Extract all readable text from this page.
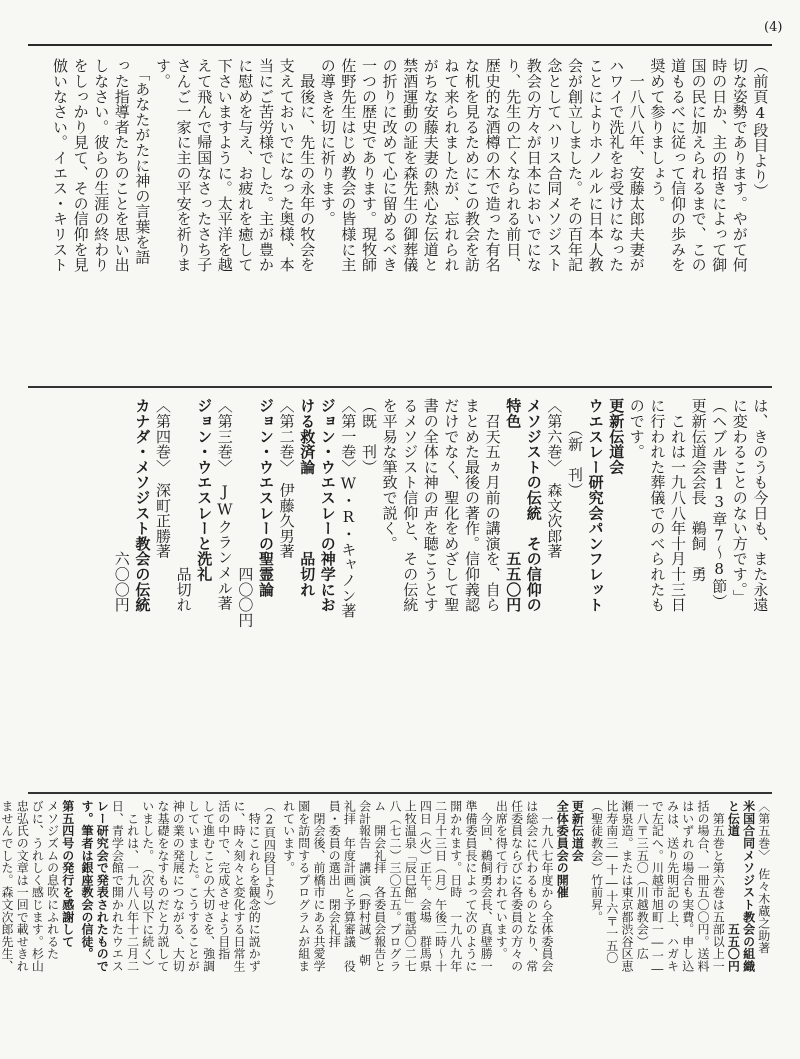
(4)
（前頁4段目より）
切な姿勢であります。やがて何
時の日か、主の招きによって御
国の民に加えられるまで、この
道もるべに従って信仰の歩みを
奨めて参りましょう。
　一八八八年、安藤太郎夫妻が
ハワイで洗礼をお受けになった
ことによりホノルルに日本人教
会が創立しました。その百年記
念としてハリス合同メソジスト
教会の方々が日本においでにな
り、先生の亡くなられる前日、
歴史的な酒樽の木で造った有名
な机を見るためにこの教会を訪
ねて来られましたが、忘れられ
がちな安藤夫妻の熱心な伝道と
禁酒運動の証を森先生の御葬儀
の折りに改めて心に留めるべき
一つの歴史であります。現牧師
佐野先生はじめ教会の皆様に主
の導きを切に祈ります。
　最後に、先生の永年の牧会を
支えておいでになった奥様、本
当にご苦労様でした。主が豊か
に慰めを与え、お疲れを癒して
下さいますように。太平洋を越
えて飛んで帰国なさったさち子
さんご一家に主の平安を祈りま
す。
　「あなたがたに神の言葉を語
った指導者たちのことを思い出
しなさい。彼らの生涯の終わり
をしっかり見て、その信仰を見
倣いなさい。イエス・キリスト
は、きのうも今日も、また永遠
に変わることのない方です。」
（ヘブル書13章7～8節）
更新伝道会会長　鵜飼　勇
　これは一九八八年十月十三日
に行われた葬儀でのべられたも
のです。
更新伝道会
ウエスレー研究会パンフレット
　　（新　刊）
〈第六巻〉　森文次郎著
メソジストの伝統　その信仰の
特色　　　　　　　　五五〇円
　召天五ヵ月前の講演を、自ら
まとめた最後の著作。信仰義認
だけでなく、聖化をめざして聖
書の全体に神の声を聴こうとす
るメソジスト信仰と、その伝統
を平易な筆致で説く。
（既　刊）
〈第一巻〉W・R・キャノン著
ジョン・ウエスレーの神学にお
ける救済論　　　　　品切れ
〈第二巻〉　伊藤久男著
ジョン・ウエスレーの聖霊論
　　　　　　　　　　　四〇〇円
〈第三巻〉　JWクランメル著
ジョン・ウエスレーと洗礼
　　　　　　　　　　　品切れ
〈第四巻〉　深町正勝著
カナダ・メソジスト教会の伝統
　　　　　　　　　　六〇〇円
〈第五巻〉　佐々木蔵之助著
米国合同メソジスト教会の組織
と伝道　　　　　　　五五〇円
　第五巻と第六巻は五部以上一
括の場合、一冊五〇〇円。送料
はいずれの場合も実費。申し込
みは、送り先明記の上、ハガキ
で左記へ。川越市旭町一―一―
一八〒三五〇（川越教会）広
瀬泉造。または東京都渋谷区恵
比寿南三―十―十六〒一五〇
（聖徒教会）竹前昇。
更新伝道会
全体委員会の開催
　一九八七年度から全体委員会
は総会に代わるものとなり、常
任委員ならびに各委員の方々の
出席を得て行われています。
　今回、鵜飼勇会長、真壁勝一
準備委員長によって次のように
開かれます。日時　一九八九年
二月十三日（月）午後二時～十
四日（火）正午。会場　群馬県
上牧温泉「辰巳館」電話〇二七
八（七二）三〇五五。プログラ
ム　開会礼拝　各委員会報告と
会計報告　講演（野村誠）　朝
礼拝　年度計画と予算審議　役
員・委員の選出　閉会礼拝
　閉会後、前橋市にある共愛学
園を訪問するプログラムが組ま
れています。
（2頁四段目より）
　特にこれらを観念的に説かず
に、時々刻々と変化する日常生
活の中で、完成させよう目指
して進むことの大切さを、強調
していました。こうすることが
神の業の発展につながる、大切
な基礎をなすものだと力説して
いました。　（次号以下に続く）
　これは、一九八八年十二月二
日、青学会館で開かれたウエス
レー研究会で発表されたもので
す。筆者は銀座教会の信徒。
第五四号の発行を感謝して
メソジズムの息吹にふれるた
びに、うれしく感じます。杉山
忠弘氏の文章は一回で載せきれ
ませんでした。森文次郎先生、
